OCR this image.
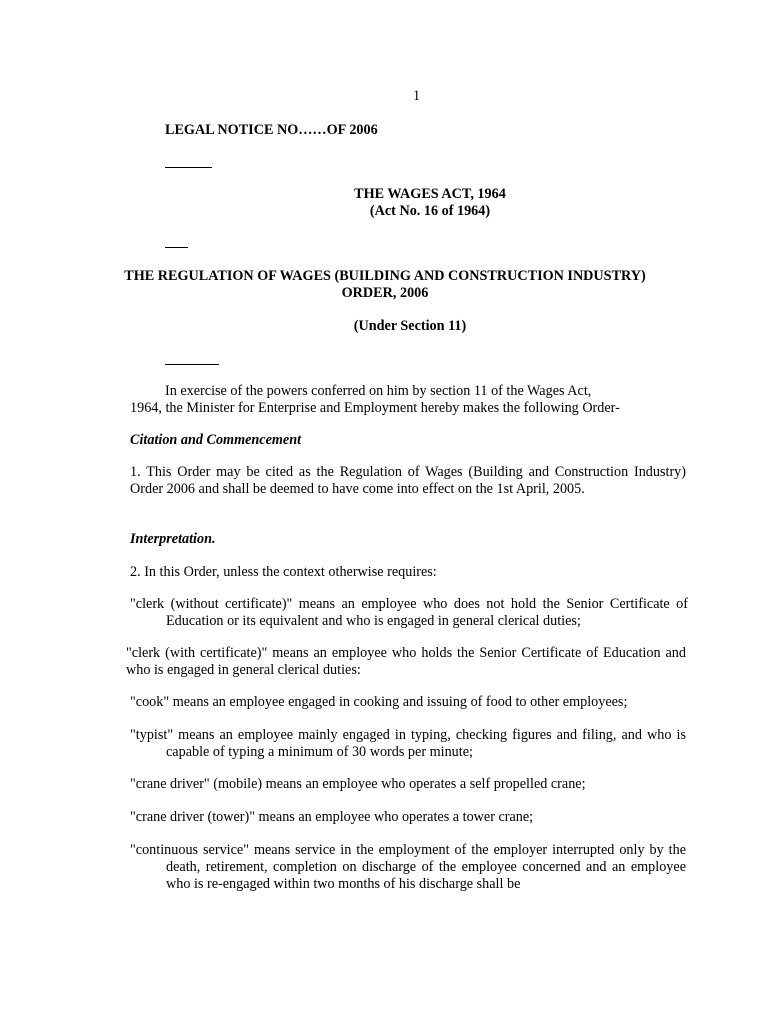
1
LEGAL NOTICE NO……OF 2006
THE WAGES ACT, 1964
(Act No. 16 of 1964)
THE REGULATION OF WAGES (BUILDING AND CONSTRUCTION INDUSTRY)
ORDER, 2006
(Under Section 11)
In exercise of the powers conferred on him by section 11 of the Wages Act,
1964, the Minister for Enterprise and Employment hereby makes the following Order-
Citation and Commencement

1. This Order may be cited as the Regulation of Wages (Building and Construction Industry) Order 2006 and shall be deemed to have come into effect on the 1st April, 2005.

Interpretation.

2. In this Order, unless the context otherwise requires:

"clerk (without certificate)" means an employee who does not hold the Senior Certificate of Education or its equivalent and who is engaged in general clerical duties;

"clerk (with certificate)" means an employee who holds the Senior Certificate of Education and who is engaged in general clerical duties:

"cook" means an employee engaged in cooking and issuing of food to other employees;

"typist" means an employee mainly engaged in typing, checking figures and filing, and who is capable of typing a minimum of 30 words per minute;

"crane driver" (mobile) means an employee who operates a self propelled crane;

"crane driver (tower)" means an employee who operates a tower crane;

"continuous service" means service in the employment of the employer interrupted only by the death, retirement, completion on discharge of the employee concerned and an employee who is re-engaged within two months of his discharge shall be
